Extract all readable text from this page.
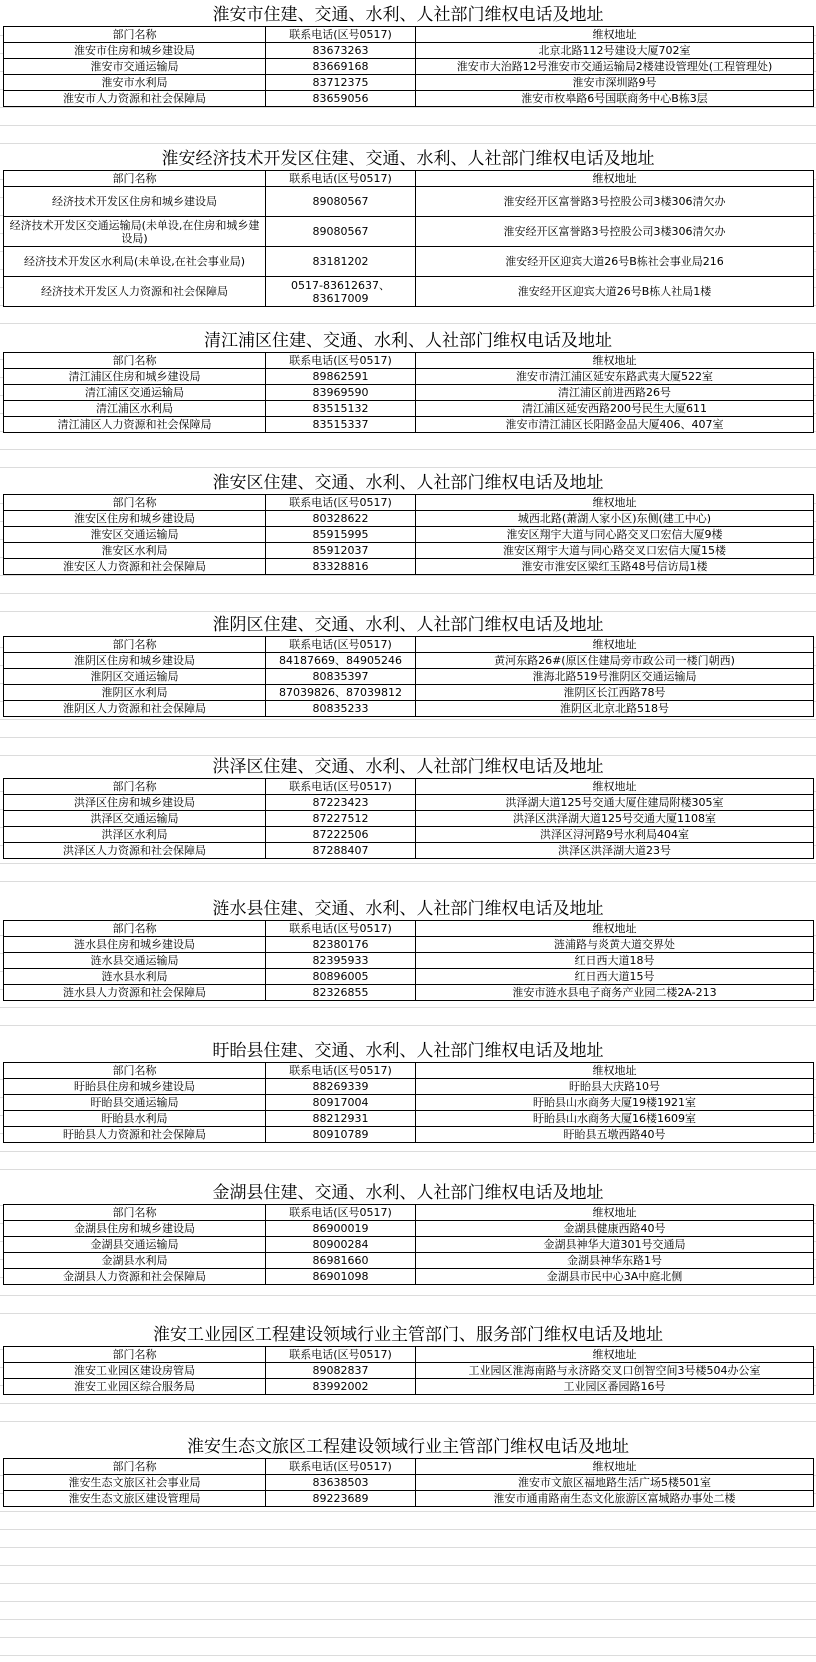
淮安市住建、交通、水利、人社部门维权电话及地址
部门名称	联系电话(区号0517)	维权地址
淮安市住房和城乡建设局	83673263	北京北路112号建设大厦702室
淮安市交通运输局	83669168	淮安市大治路12号淮安市交通运输局2楼建设管理处(工程管理处)
淮安市水利局	83712375	淮安市深圳路9号
淮安市人力资源和社会保障局	83659056	淮安市枚皋路6号国联商务中心B栋3层
淮安经济技术开发区住建、交通、水利、人社部门维权电话及地址
部门名称	联系电话(区号0517)	维权地址
经济技术开发区住房和城乡建设局	89080567	淮安经开区富誉路3号控股公司3楼306清欠办
经济技术开发区交通运输局(未单设,在住房和城乡建设局)	89080567	淮安经开区富誉路3号控股公司3楼306清欠办
经济技术开发区水利局(未单设,在社会事业局)	83181202	淮安经开区迎宾大道26号B栋社会事业局216
经济技术开发区人力资源和社会保障局	0517-83612637、83617009	淮安经开区迎宾大道26号B栋人社局1楼
清江浦区住建、交通、水利、人社部门维权电话及地址
部门名称	联系电话(区号0517)	维权地址
清江浦区住房和城乡建设局	89862591	淮安市清江浦区延安东路武夷大厦522室
清江浦区交通运输局	83969590	清江浦区前进西路26号
清江浦区水利局	83515132	清江浦区延安西路200号民生大厦611
清江浦区人力资源和社会保障局	83515337	淮安市清江浦区长阳路金品大厦406、407室
淮安区住建、交通、水利、人社部门维权电话及地址
部门名称	联系电话(区号0517)	维权地址
淮安区住房和城乡建设局	80328622	城西北路(萧湖人家小区)东侧(建工中心)
淮安区交通运输局	85915995	淮安区翔宇大道与同心路交叉口宏信大厦9楼
淮安区水利局	85912037	淮安区翔宇大道与同心路交叉口宏信大厦15楼
淮安区人力资源和社会保障局	83328816	淮安市淮安区梁红玉路48号信访局1楼
淮阴区住建、交通、水利、人社部门维权电话及地址
部门名称	联系电话(区号0517)	维权地址
淮阴区住房和城乡建设局	84187669、84905246	黄河东路26#(原区住建局旁市政公司一楼门朝西)
淮阴区交通运输局	80835397	淮海北路519号淮阴区交通运输局
淮阴区水利局	87039826、87039812	淮阴区长江西路78号
淮阴区人力资源和社会保障局	80835233	淮阴区北京北路518号
洪泽区住建、交通、水利、人社部门维权电话及地址
部门名称	联系电话(区号0517)	维权地址
洪泽区住房和城乡建设局	87223423	洪泽湖大道125号交通大厦住建局附楼305室
洪泽区交通运输局	87227512	洪泽区洪泽湖大道125号交通大厦1108室
洪泽区水利局	87222506	洪泽区浔河路9号水利局404室
洪泽区人力资源和社会保障局	87288407	洪泽区洪泽湖大道23号
涟水县住建、交通、水利、人社部门维权电话及地址
部门名称	联系电话(区号0517)	维权地址
涟水县住房和城乡建设局	82380176	涟浦路与炎黄大道交界处
涟水县交通运输局	82395933	红日西大道18号
涟水县水利局	80896005	红日西大道15号
涟水县人力资源和社会保障局	82326855	淮安市涟水县电子商务产业园二楼2A-213
盱眙县住建、交通、水利、人社部门维权电话及地址
部门名称	联系电话(区号0517)	维权地址
盱眙县住房和城乡建设局	88269339	盱眙县大庆路10号
盱眙县交通运输局	80917004	盱眙县山水商务大厦19楼1921室
盱眙县水利局	88212931	盱眙县山水商务大厦16楼1609室
盱眙县人力资源和社会保障局	80910789	盱眙县五墩西路40号
金湖县住建、交通、水利、人社部门维权电话及地址
部门名称	联系电话(区号0517)	维权地址
金湖县住房和城乡建设局	86900019	金湖县健康西路40号
金湖县交通运输局	80900284	金湖县神华大道301号交通局
金湖县水利局	86981660	金湖县神华东路1号
金湖县人力资源和社会保障局	86901098	金湖县市民中心3A中庭北侧
淮安工业园区工程建设领域行业主管部门、服务部门维权电话及地址
部门名称	联系电话(区号0517)	维权地址
淮安工业园区建设房管局	89082837	工业园区淮海南路与永济路交叉口创智空间3号楼504办公室
淮安工业园区综合服务局	83992002	工业园区番园路16号
淮安生态文旅区工程建设领域行业主管部门维权电话及地址
部门名称	联系电话(区号0517)	维权地址
淮安生态文旅区社会事业局	83638503	淮安市文旅区福地路生活广场5楼501室
淮安生态文旅区建设管理局	89223689	淮安市通甫路南生态文化旅游区富城路办事处二楼
